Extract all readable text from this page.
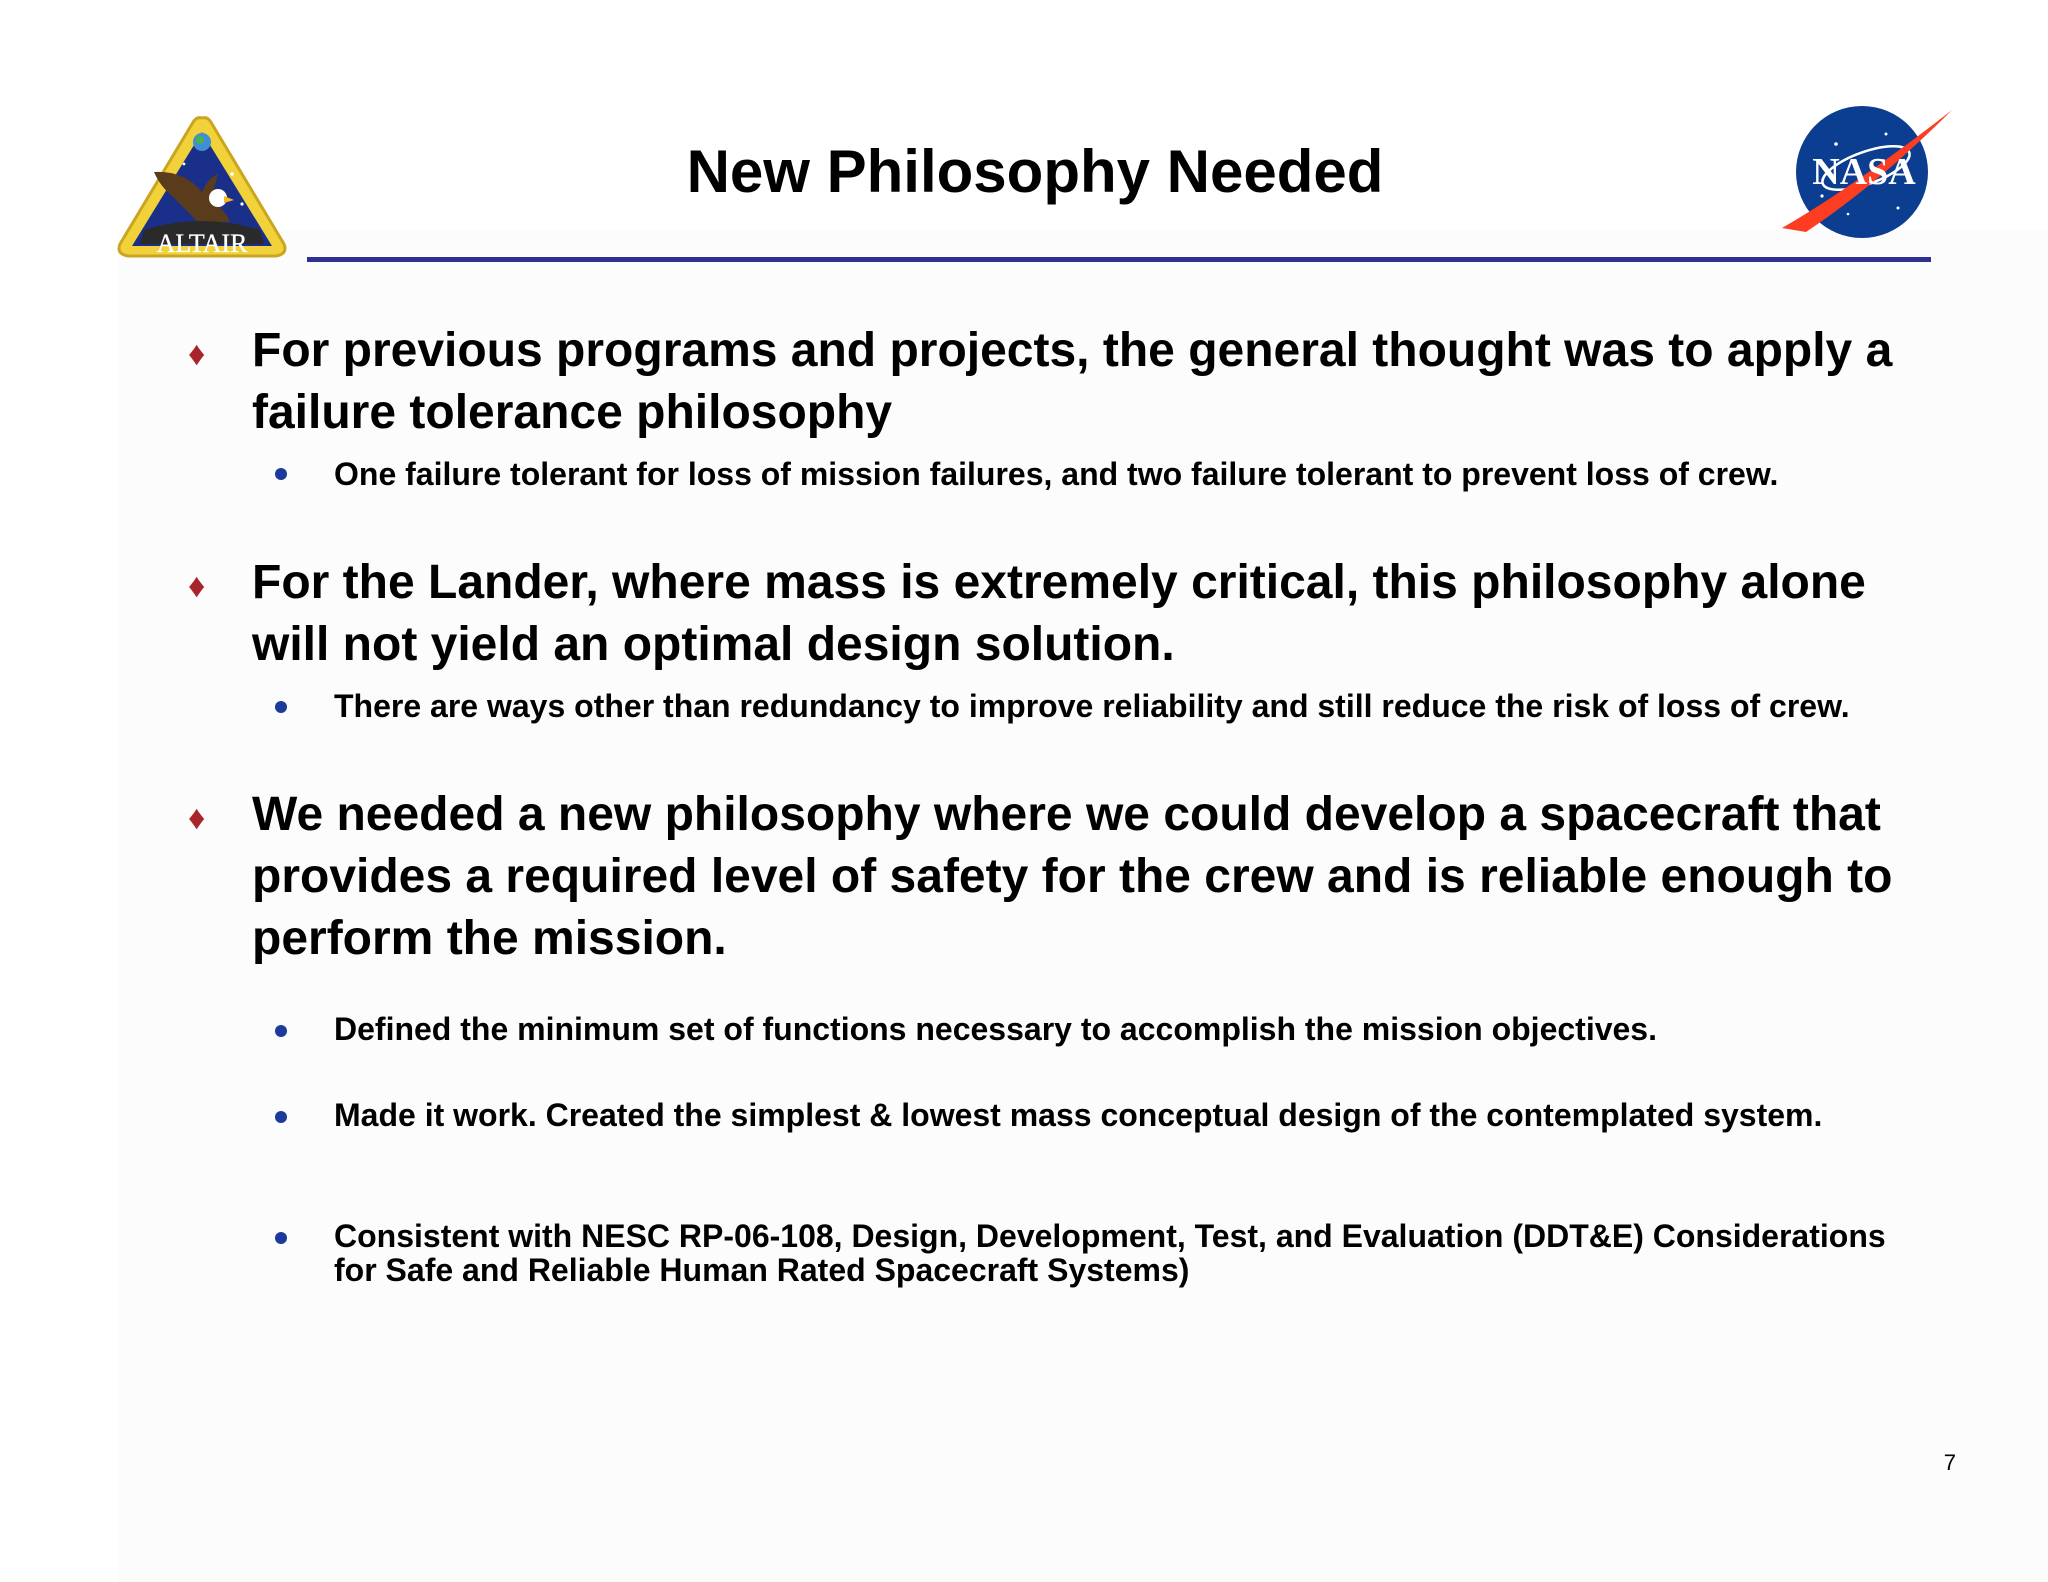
ALTAIR
New Philosophy Needed	NASA
♦ For previous programs and projects, the general thought was to apply a failure tolerance philosophy
One failure tolerant for loss of mission failures, and two failure tolerant to prevent loss of crew.
♦ For the Lander, where mass is extremely critical, this philosophy alone will not yield an optimal design solution.
There are ways other than redundancy to improve reliability and still reduce the risk of loss of crew.
♦ We needed a new philosophy where we could develop a spacecraft that provides a required level of safety for the crew and is reliable enough to perform the mission.
Defined the minimum set of functions necessary to accomplish the mission objectives.
Made it work. Created the simplest & lowest mass conceptual design of the contemplated system.
Consistent with NESC RP-06-108, Design, Development, Test, and Evaluation (DDT&E) Considerations for Safe and Reliable Human Rated Spacecraft Systems)
7
